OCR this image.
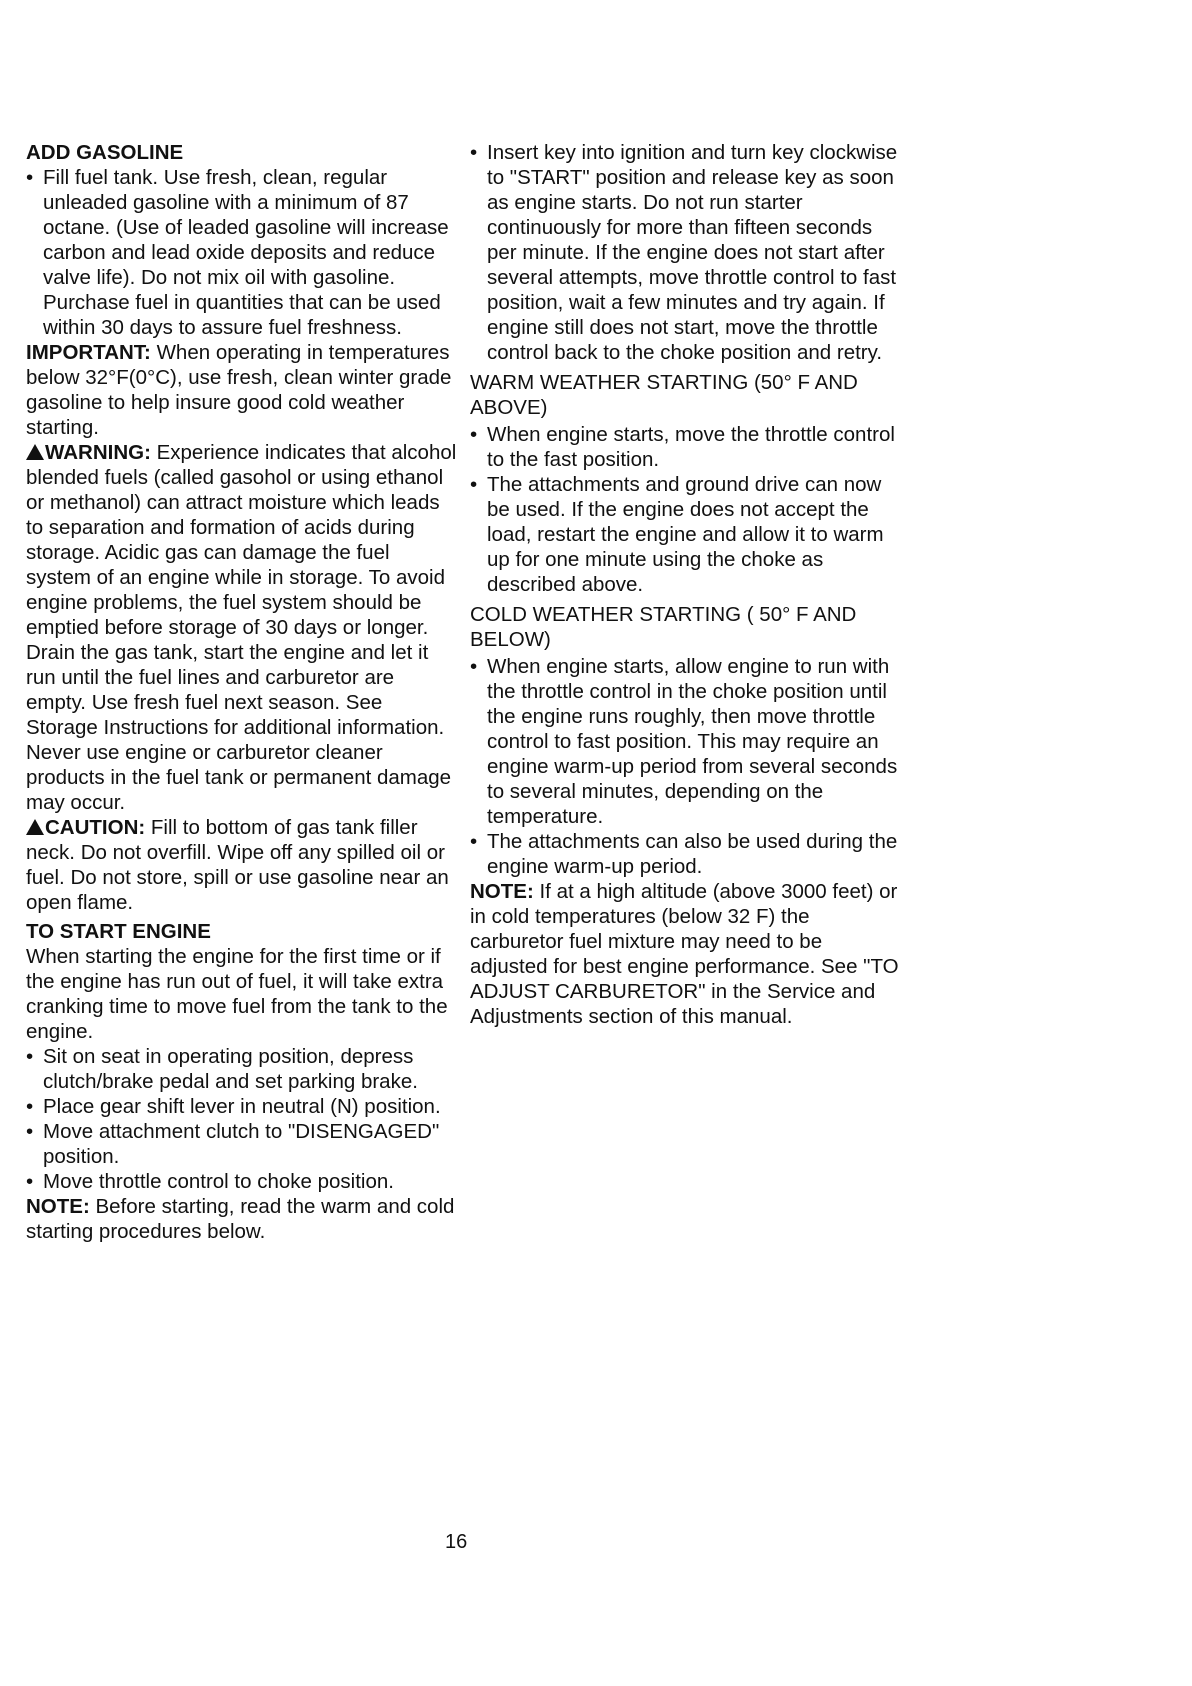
ADD GASOLINE
• Fill fuel tank. Use fresh, clean, regular unleaded gasoline with a minimum of 87 octane. (Use of leaded gasoline will increase carbon and lead oxide deposits and reduce valve life). Do not mix oil with gasoline. Purchase fuel in quantities that can be used within 30 days to assure fuel freshness.

IMPORTANT: When operating in temperatures below 32°F(0°C), use fresh, clean winter grade gasoline to help insure good cold weather starting.

WARNING: Experience indicates that alcohol blended fuels (called gasohol or using ethanol or methanol) can attract moisture which leads to separation and formation of acids during storage. Acidic gas can damage the fuel system of an engine while in storage. To avoid engine problems, the fuel system should be emptied before storage of 30 days or longer. Drain the gas tank, start the engine and let it run until the fuel lines and carburetor are empty. Use fresh fuel next season. See Storage Instructions for additional information. Never use engine or carburetor cleaner products in the fuel tank or permanent damage may occur.

CAUTION: Fill to bottom of gas tank filler neck. Do not overfill. Wipe off any spilled oil or fuel. Do not store, spill or use gasoline near an open flame.

TO START ENGINE

When starting the engine for the first time or if the engine has run out of fuel, it will take extra cranking time to move fuel from the tank to the engine.

• Sit on seat in operating position, depress clutch/brake pedal and set parking brake.
• Place gear shift lever in neutral (N) position.
• Move attachment clutch to "DISENGAGED" position.
• Move throttle control to choke position.

NOTE: Before starting, read the warm and cold starting procedures below.

• Insert key into ignition and turn key clockwise to "START" position and release key as soon as engine starts. Do not run starter continuously for more than fifteen seconds per minute. If the engine does not start after several attempts, move throttle control to fast position, wait a few minutes and try again. If engine still does not start, move the throttle control back to the choke position and retry.

WARM WEATHER STARTING (50° F AND ABOVE)

• When engine starts, move the throttle control to the fast position.
• The attachments and ground drive can now be used. If the engine does not accept the load, restart the engine and allow it to warm up for one minute using the choke as described above.

COLD WEATHER STARTING ( 50° F AND BELOW)

• When engine starts, allow engine to run with the throttle control in the choke position until the engine runs roughly, then move throttle control to fast position. This may require an engine warm-up period from several seconds to several minutes, depending on the temperature.
• The attachments can also be used during the engine warm-up period.

NOTE: If at a high altitude (above 3000 feet) or in cold temperatures (below 32 F) the carburetor fuel mixture may need to be adjusted for best engine performance. See "TO ADJUST CARBURETOR" in the Service and Adjustments section of this manual.

16
